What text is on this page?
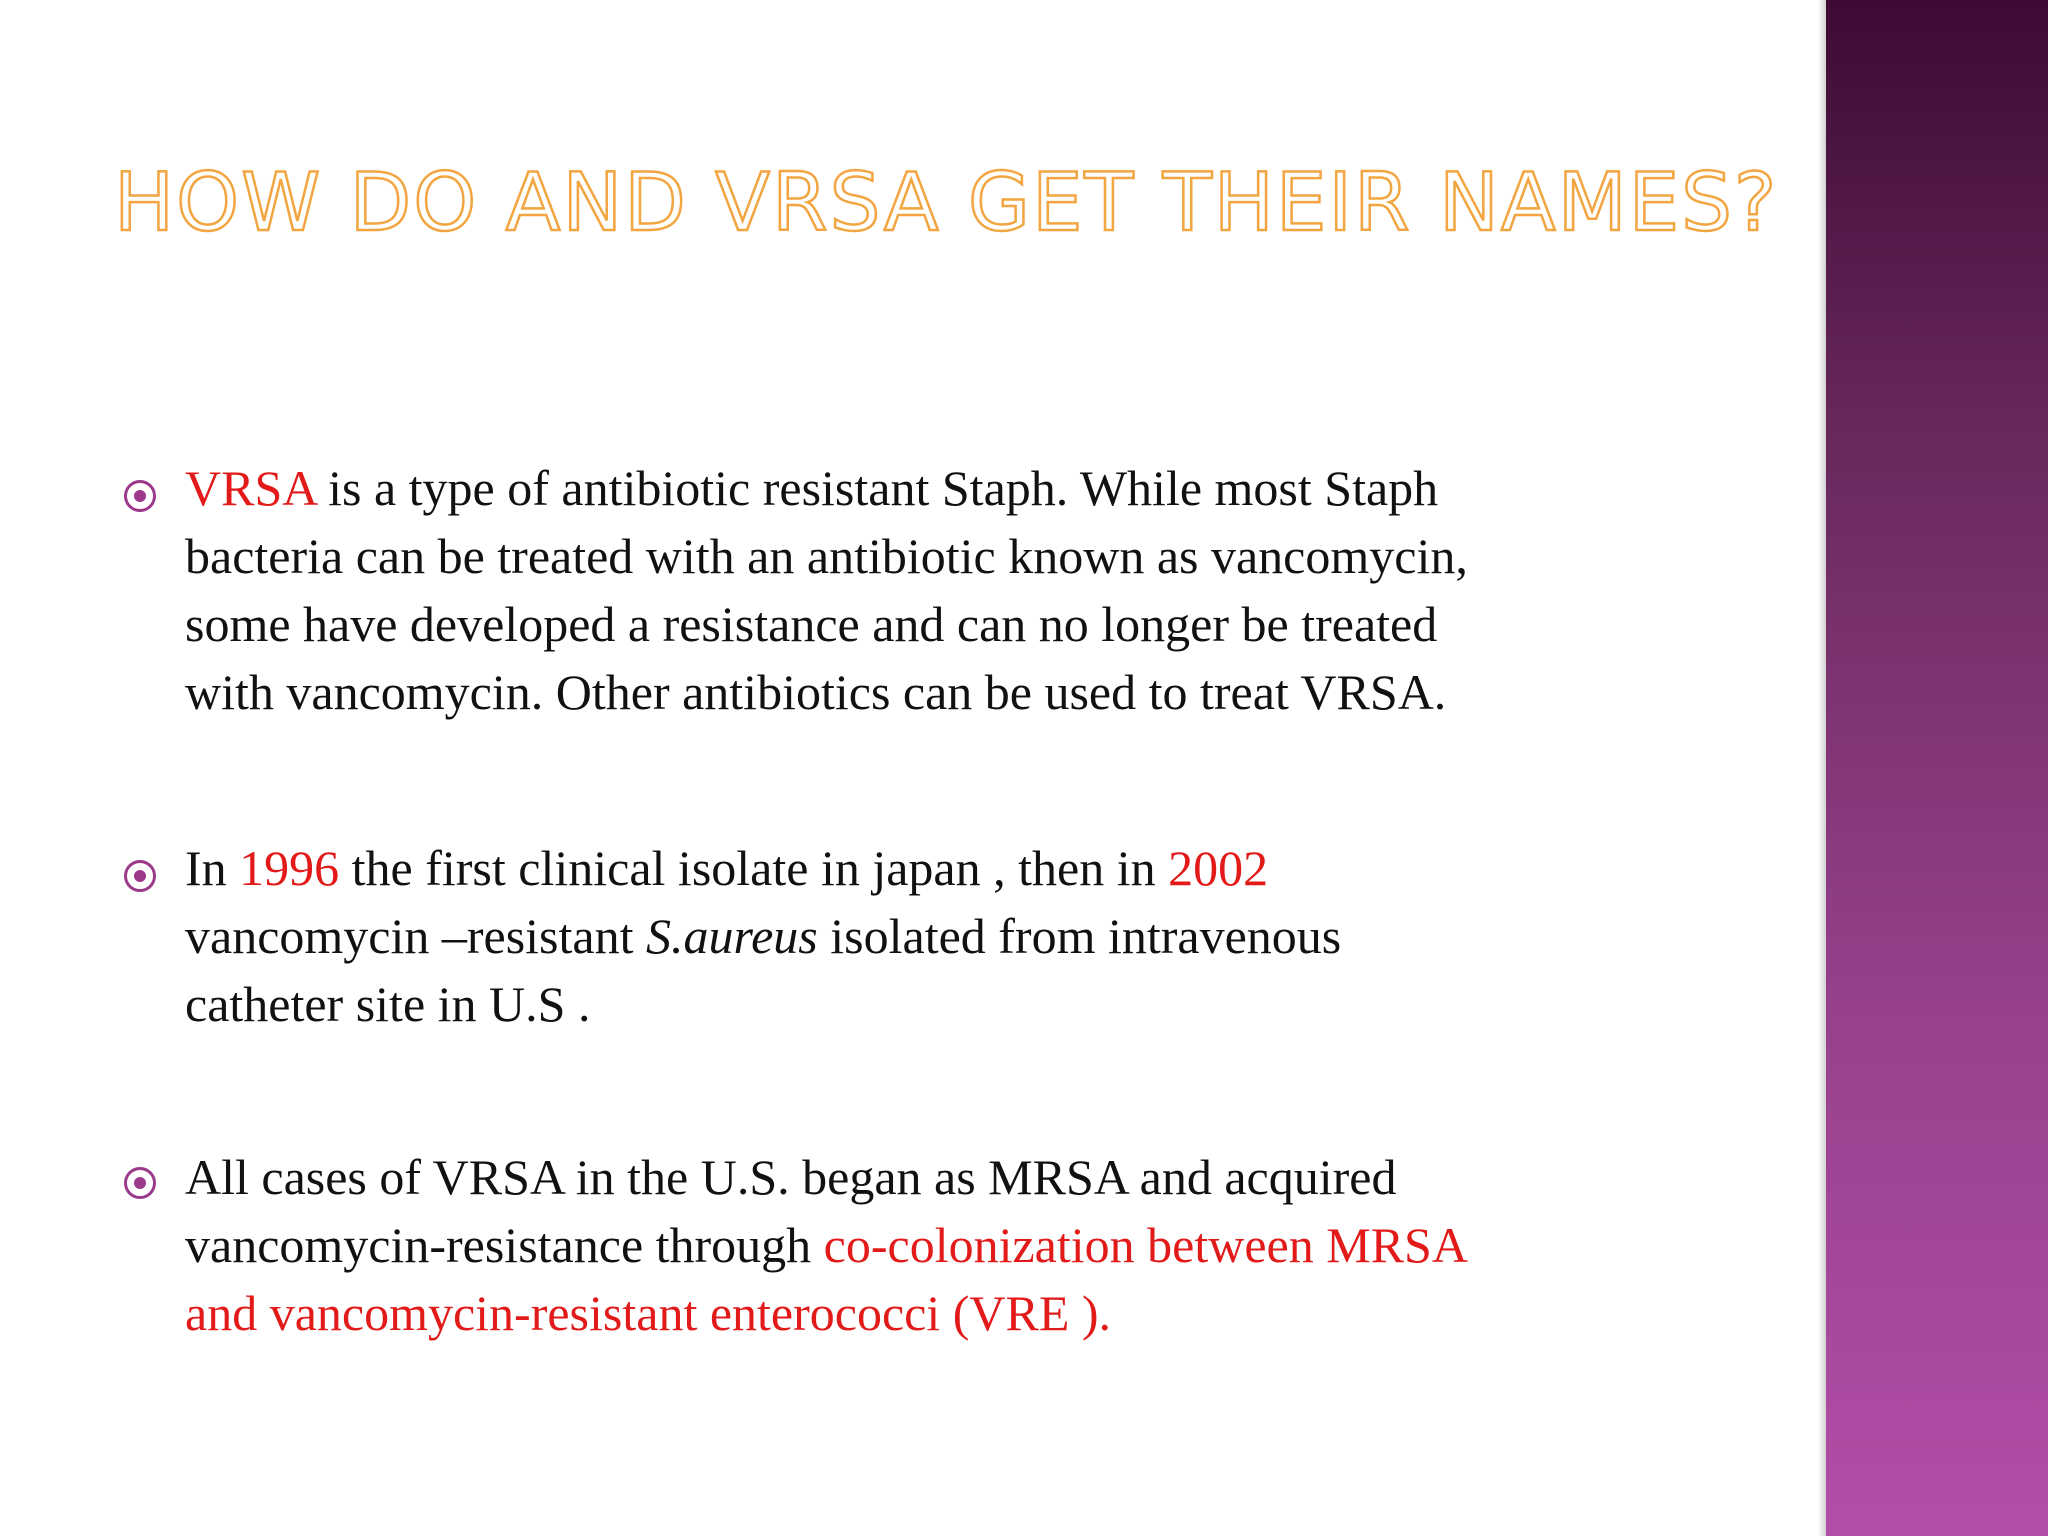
HOW DO AND VRSA GET THEIR NAMES?

VRSA is a type of antibiotic resistant Staph. While most Staph
bacteria can be treated with an antibiotic known as vancomycin,
some have developed a resistance and can no longer be treated
with vancomycin. Other antibiotics can be used to treat VRSA.

In 1996 the first clinical isolate in japan , then in 2002
vancomycin –resistant S.aureus isolated from intravenous
catheter site in U.S .

All cases of VRSA in the U.S. began as MRSA and acquired
vancomycin-resistance through co-colonization between MRSA
and vancomycin-resistant enterococci (VRE ).
